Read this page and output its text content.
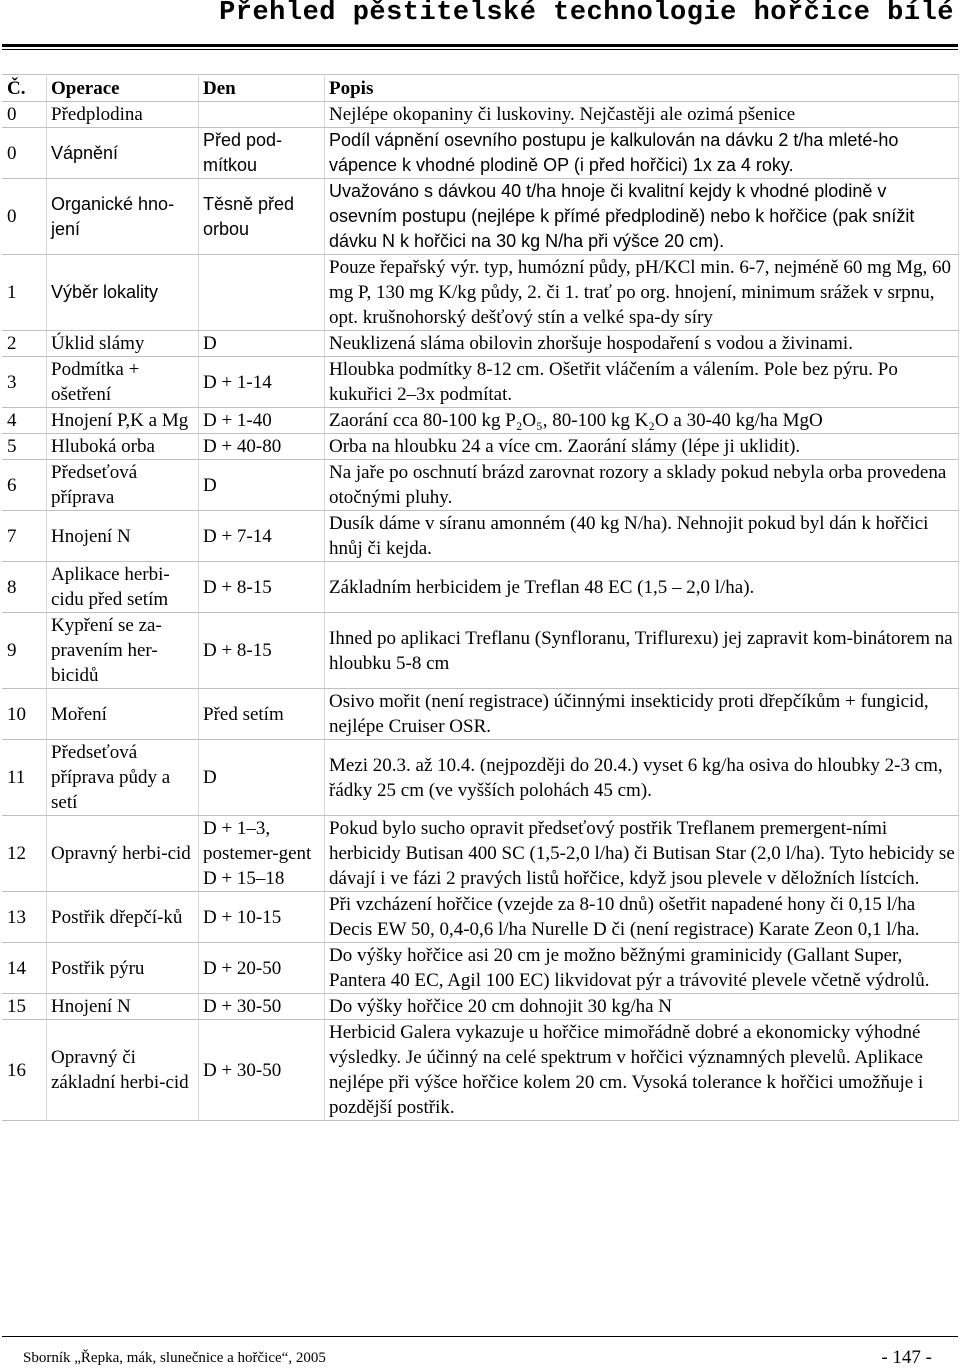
Přehled pěstitelské technologie hořčice bílé
Č.	Operace	Den	Popis
0	Předplodina		Nejlépe okopaniny či luskoviny. Nejčastěji ale ozimá pšenice
0	Vápnění	Před pod-mítkou	Podíl vápnění osevního postupu je kalkulován na dávku 2 t/ha mleté-ho vápence k vhodné plodině OP (i před hořčici) 1x za 4 roky.
0	Organické hno-jení	Těsně před orbou	Uvažováno s dávkou 40 t/ha hnoje či kvalitní kejdy k vhodné plodině v osevním postupu (nejlépe k přímé předplodině) nebo k hořčice (pak snížit dávku N k hořčici na 30 kg N/ha při výšce 20 cm).
1	Výběr lokality		Pouze řepařský výr. typ, humózní půdy, pH/KCl min. 6-7, nejméně 60 mg Mg, 60 mg P, 130 mg K/kg půdy, 2. či 1. trať po org. hnojení, minimum srážek v srpnu, opt. krušnohorský dešťový stín a velké spa-dy síry
2	Úklid slámy	D	Neuklizená sláma obilovin zhoršuje hospodaření s vodou a živinami.
3	Podmítka + ošetření	D + 1-14	Hloubka podmítky 8-12 cm. Ošetřit vláčením a válením. Pole bez pýru. Po kukuřici 2–3x podmítat.
4	Hnojení P,K a Mg	D + 1-40	Zaorání cca 80-100 kg P₂O₅, 80-100 kg K₂O a 30-40 kg/ha MgO
5	Hluboká orba	D + 40-80	Orba na hloubku 24 a více cm. Zaorání slámy (lépe ji uklidit).
6	Předseťová příprava	D	Na jaře po oschnutí brázd zarovnat rozory a sklady pokud nebyla orba provedena otočnými pluhy.
7	Hnojení N	D + 7-14	Dusík dáme v síranu amonném (40 kg N/ha). Nehnojit pokud byl dán k hořčici hnůj či kejda.
8	Aplikace herbi-cidu před setím	D + 8-15	Základním herbicidem je Treflan 48 EC (1,5 – 2,0 l/ha).
9	Kypření se za-pravením her-bicidů	D + 8-15	Ihned po aplikaci Treflanu (Synfloranu, Triflurexu) jej zapravit kom-binátorem na hloubku 5-8 cm
10	Moření	Před setím	Osivo mořit (není registrace) účinnými insekticidy proti dřepčíkům + fungicid, nejlépe Cruiser OSR.
11	Předseťová příprava půdy a setí	D	Mezi 20.3. až 10.4. (nejpozději do 20.4.) vyset 6 kg/ha osiva do hloubky 2-3 cm, řádky 25 cm (ve vyšších polohách 45 cm).
12	Opravný herbi-cid	D + 1–3, postemer-gent D + 15–18	Pokud bylo sucho opravit předseťový postřik Treflanem premergent-ními herbicidy Butisan 400 SC (1,5-2,0 l/ha) či Butisan Star (2,0 l/ha). Tyto hebicidy se dávají i ve fázi 2 pravých listů hořčice, když jsou plevele v děložních lístcích.
13	Postřik dřepčí-ků	D + 10-15	Při vzcházení hořčice (vzejde za 8-10 dnů) ošetřit napadené hony či 0,15 l/ha Decis EW 50, 0,4-0,6 l/ha Nurelle D či (není registrace) Karate Zeon 0,1 l/ha.
14	Postřik pýru	D + 20-50	Do výšky hořčice asi 20 cm je možno běžnými graminicidy (Gallant Super, Pantera 40 EC, Agil 100 EC) likvidovat pýr a trávovité plevele včetně výdrolů.
15	Hnojení N	D + 30-50	Do výšky hořčice 20 cm dohnojit 30 kg/ha N
16	Opravný či základní herbi-cid	D + 30-50	Herbicid Galera vykazuje u hořčice mimořádně dobré a ekonomicky výhodné výsledky. Je účinný na celé spektrum v hořčici významných plevelů. Aplikace nejlépe při výšce hořčice kolem 20 cm. Vysoká tolerance k hořčici umožňuje i pozdější postřik.
Sborník „Řepka, mák, slunečnice a hořčice“, 2005	- 147 -
